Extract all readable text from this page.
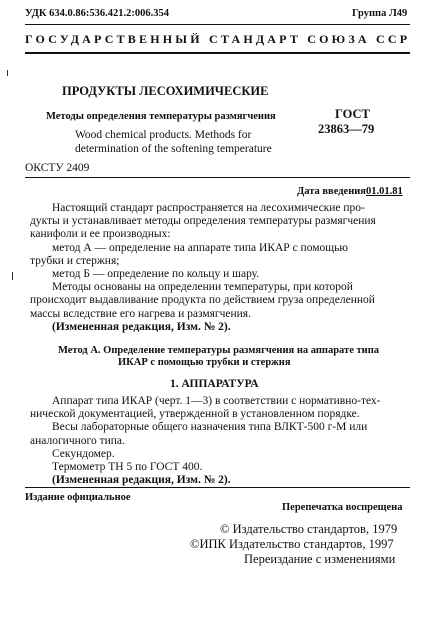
УДК 634.0.86:536.421.2:006.354	Группа Л49
ГОСУДАРСТВЕННЫЙ СТАНДАРТ СОЮЗА ССР
ПРОДУКТЫ ЛЕСОХИМИЧЕСКИЕ
Методы определения температуры размягчения
Wood chemical products. Methods for
determination of the softening temperature
ГОСТ
23863—79
ОКСТУ 2409
Дата введения 01.01.81
Настоящий стандарт распространяется на лесохимические про-
дукты и устанавливает методы определения температуры размягчения
канифоли и ее производных:
метод А — определение на аппарате типа ИКАР с помощью
трубки и стержня;
метод Б — определение по кольцу и шару.
Методы основаны на определении температуры, при которой
происходит выдавливание продукта по действием груза определенной
массы вследствие его нагрева и размягчения.
(Измененная редакция, Изм. № 2).
Метод А. Определение температуры размягчения на аппарате типа
ИКАР с помощью трубки и стержня
1. АППАРАТУРА
Аппарат типа ИКАР (черт. 1—3) в соответствии с нормативно-тех-
нической документацией, утвержденной в установленном порядке.
Весы лабораторные общего назначения типа ВЛКТ-500 г-М или
аналогичного типа.
Секундомер.
Термометр ТН 5 по ГОСТ 400.
(Измененная редакция, Изм. № 2).
Издание официальное
Перепечатка воспрещена
© Издательство стандартов, 1979
©ИПК Издательство стандартов, 1997
Переиздание с изменениями
